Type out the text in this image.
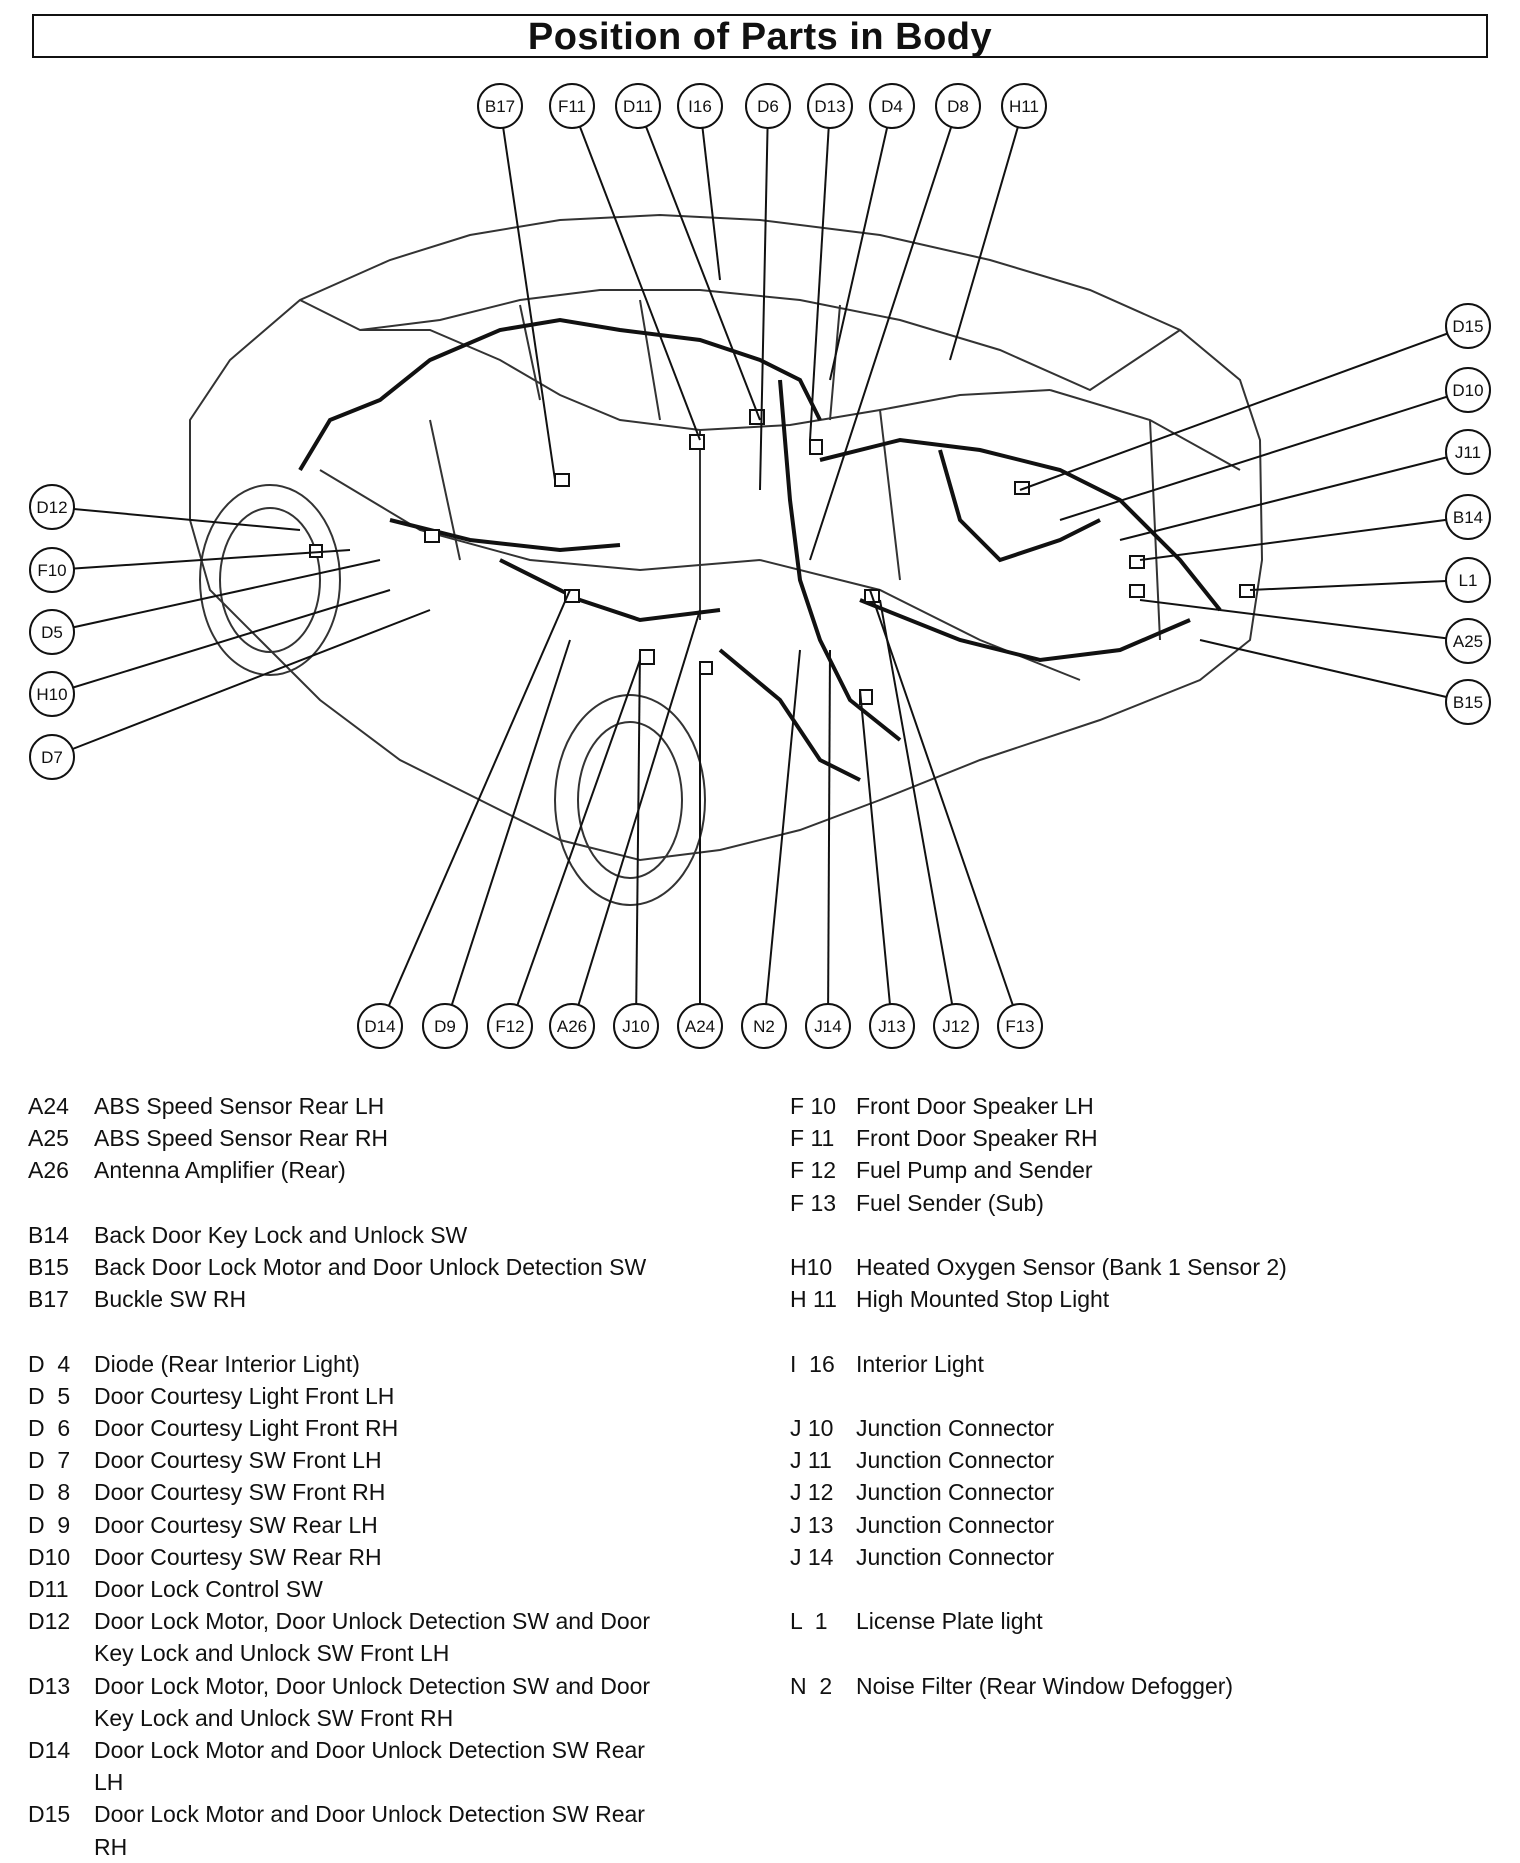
Position of Parts in Body
B17	F11 D11 I16	D6 D13 D4	D8 H11
D15
D10
J11
B14
L1
A25
B15
D12
F10
D5
H10
D7
D14 D9 F12 A26 J10 A24 N2 J14 J13 J12 F13
A24	ABS Speed Sensor Rear LH
A25	ABS Speed Sensor Rear RH
A26	Antenna Amplifier (Rear)
B14	Back Door Key Lock and Unlock SW
B15	Back Door Lock Motor and Door Unlock Detection SW
B17	Buckle SW RH
D  4	Diode (Rear Interior Light)
D  5	Door Courtesy Light Front LH
D  6	Door Courtesy Light Front RH
D  7	Door Courtesy SW Front LH
D  8	Door Courtesy SW Front RH
D  9	Door Courtesy SW Rear LH
D10	Door Courtesy SW Rear RH
D11	Door Lock Control SW
D12	Door Lock Motor, Door Unlock Detection SW and Door Key Lock and Unlock SW Front LH
D13	Door Lock Motor, Door Unlock Detection SW and Door Key Lock and Unlock SW Front RH
D14	Door Lock Motor and Door Unlock Detection SW Rear LH
D15	Door Lock Motor and Door Unlock Detection SW Rear RH
F 10 Front Door Speaker LH
F 11 Front Door Speaker RH
F 12 Fuel Pump and Sender
F 13 Fuel Sender (Sub)
H10	Heated Oxygen Sensor (Bank 1 Sensor 2)
H 11 High Mounted Stop Light
I  16 Interior Light
J 10 Junction Connector
J 11	Junction Connector
J 12 Junction Connector
J 13 Junction Connector
J 14 Junction Connector
L  1	License Plate light
N  2	Noise Filter (Rear Window Defogger)
